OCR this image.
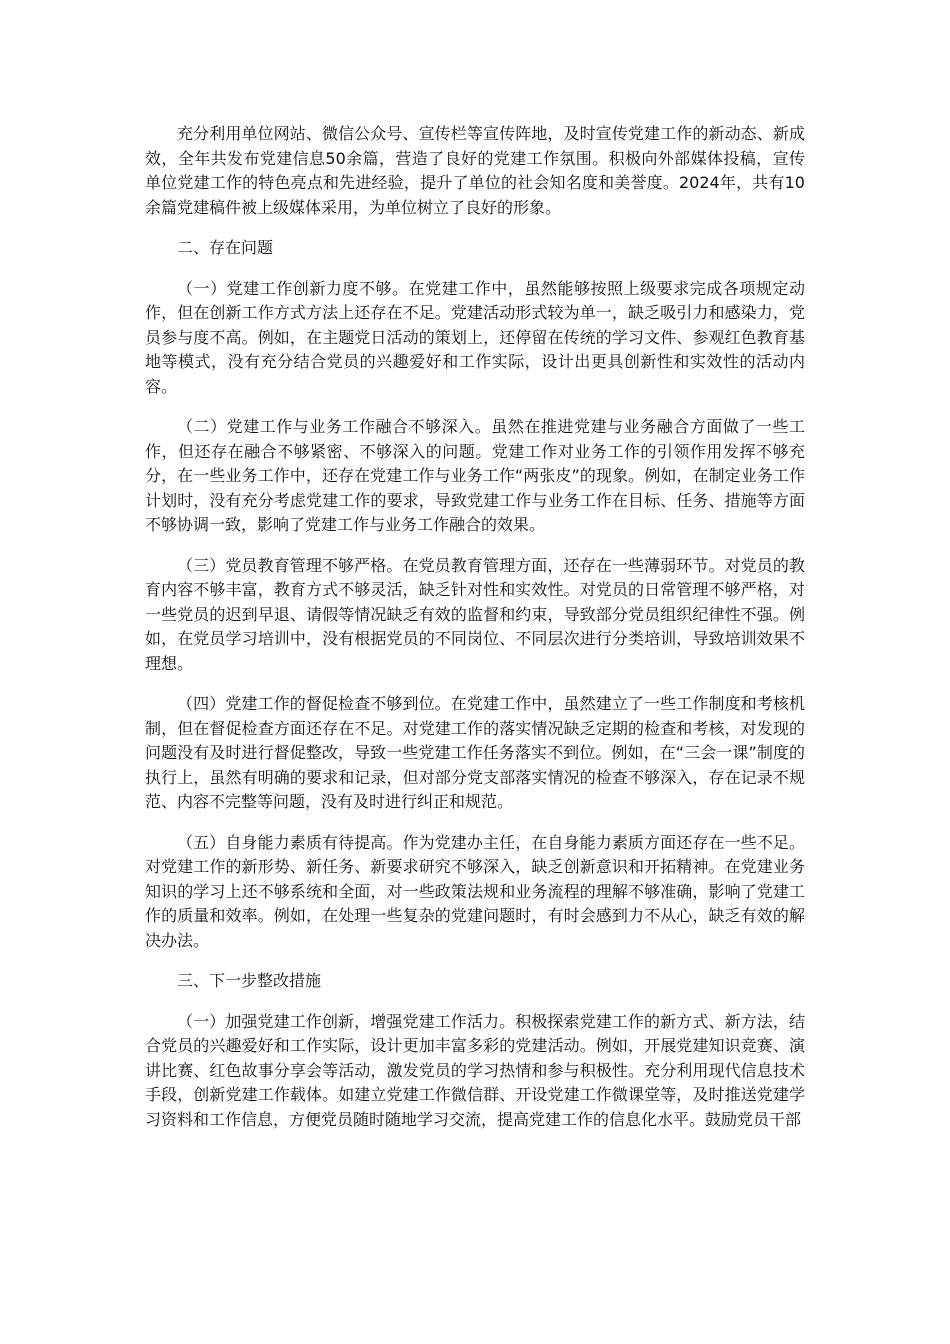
充分利用单位网站、微信公众号、宣传栏等宣传阵地，及时宣传党建工作的新动态、新成效，全年共发布党建信息50余篇，营造了良好的党建工作氛围。积极向外部媒体投稿，宣传单位党建工作的特色亮点和先进经验，提升了单位的社会知名度和美誉度。2024年，共有10余篇党建稿件被上级媒体采用，为单位树立了良好的形象。

二、存在问题

（一）党建工作创新力度不够。在党建工作中，虽然能够按照上级要求完成各项规定动作，但在创新工作方式方法上还存在不足。党建活动形式较为单一，缺乏吸引力和感染力，党员参与度不高。例如，在主题党日活动的策划上，还停留在传统的学习文件、参观红色教育基地等模式，没有充分结合党员的兴趣爱好和工作实际，设计出更具创新性和实效性的活动内容。

（二）党建工作与业务工作融合不够深入。虽然在推进党建与业务融合方面做了一些工作，但还存在融合不够紧密、不够深入的问题。党建工作对业务工作的引领作用发挥不够充分，在一些业务工作中，还存在党建工作与业务工作“两张皮”的现象。例如，在制定业务工作计划时，没有充分考虑党建工作的要求，导致党建工作与业务工作在目标、任务、措施等方面不够协调一致，影响了党建工作与业务工作融合的效果。

（三）党员教育管理不够严格。在党员教育管理方面，还存在一些薄弱环节。对党员的教育内容不够丰富，教育方式不够灵活，缺乏针对性和实效性。对党员的日常管理不够严格，对一些党员的迟到早退、请假等情况缺乏有效的监督和约束，导致部分党员组织纪律性不强。例如，在党员学习培训中，没有根据党员的不同岗位、不同层次进行分类培训，导致培训效果不理想。

（四）党建工作的督促检查不够到位。在党建工作中，虽然建立了一些工作制度和考核机制，但在督促检查方面还存在不足。对党建工作的落实情况缺乏定期的检查和考核，对发现的问题没有及时进行督促整改，导致一些党建工作任务落实不到位。例如，在“三会一课”制度的执行上，虽然有明确的要求和记录，但对部分党支部落实情况的检查不够深入，存在记录不规范、内容不完整等问题，没有及时进行纠正和规范。

（五）自身能力素质有待提高。作为党建办主任，在自身能力素质方面还存在一些不足。对党建工作的新形势、新任务、新要求研究不够深入，缺乏创新意识和开拓精神。在党建业务知识的学习上还不够系统和全面，对一些政策法规和业务流程的理解不够准确，影响了党建工作的质量和效率。例如，在处理一些复杂的党建问题时，有时会感到力不从心，缺乏有效的解决办法。

三、下一步整改措施

（一）加强党建工作创新，增强党建工作活力。积极探索党建工作的新方式、新方法，结合党员的兴趣爱好和工作实际，设计更加丰富多彩的党建活动。例如，开展党建知识竞赛、演讲比赛、红色故事分享会等活动，激发党员的学习热情和参与积极性。充分利用现代信息技术手段，创新党建工作载体。如建立党建工作微信群、开设党建工作微课堂等，及时推送党建学习资料和工作信息，方便党员随时随地学习交流，提高党建工作的信息化水平。鼓励党员干部
